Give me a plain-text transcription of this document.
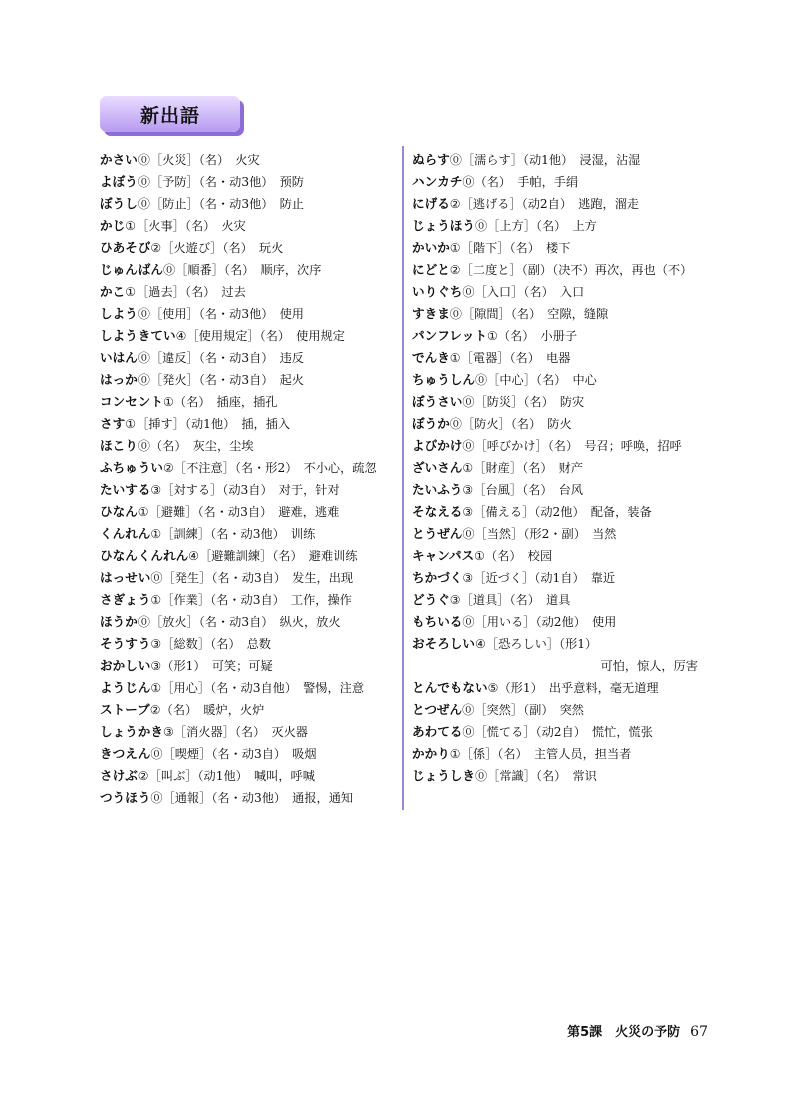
新出語
かさい⓪［火災］（名）　火灾
よぼう⓪［予防］（名・动3他）　预防
ぼうし⓪［防止］（名・动3他）　防止
かじ①［火事］（名）　火灾
ひあそび②［火遊び］（名）　玩火
じゅんばん⓪［順番］（名）　顺序，次序
かこ①［過去］（名）　过去
しよう⓪［使用］（名・动3他）　使用
しようきてい④［使用規定］（名）　使用规定
いはん⓪［違反］（名・动3自）　违反
はっか⓪［発火］（名・动3自）　起火
コンセント①（名）　插座，插孔
さす①［挿す］（动1他）　插，插入
ほこり⓪（名）　灰尘，尘埃
ふちゅうい②［不注意］（名・形2）　不小心，疏忽
たいする③［対する］（动3自）　对于，针对
ひなん①［避難］（名・动3自）　避难，逃难
くんれん①［訓練］（名・动3他）　训练
ひなんくんれん④［避難訓練］（名）　避难训练
はっせい⓪［発生］（名・动3自）　发生，出现
さぎょう①［作業］（名・动3自）　工作，操作
ほうか⓪［放火］（名・动3自）　纵火，放火
そうすう③［総数］（名）　总数
おかしい③（形1）　可笑；可疑
ようじん①［用心］（名・动3自他）　警惕，注意
ストーブ②（名）　暖炉，火炉
しょうかき③［消火器］（名）　灭火器
きつえん⓪［喫煙］（名・动3自）　吸烟
さけぶ②［叫ぶ］（动1他）　喊叫，呼喊
つうほう⓪［通報］（名・动3他）　通报，通知
ぬらす⓪［濡らす］（动1他）　浸湿，沾湿
ハンカチ⓪（名）　手帕，手绢
にげる②［逃げる］（动2自）　逃跑，溜走
じょうほう⓪［上方］（名）　上方
かいか①［階下］（名）　楼下
にどと②［二度と］（副）（决不）再次，再也（不）
いりぐち⓪［入口］（名）　入口
すきま⓪［隙間］（名）　空隙，缝隙
パンフレット①（名）　小册子
でんき①［電器］（名）　电器
ちゅうしん⓪［中心］（名）　中心
ぼうさい⓪［防災］（名）　防灾
ぼうか⓪［防火］（名）　防火
よびかけ⓪［呼びかけ］（名）　号召；呼唤，招呼
ざいさん①［財産］（名）　财产
たいふう③［台風］（名）　台风
そなえる③［備える］（动2他）　配备，装备
とうぜん⓪［当然］（形2・副）　当然
キャンパス①（名）　校园
ちかづく③［近づく］（动1自）　靠近
どうぐ③［道具］（名）　道具
もちいる⓪［用いる］（动2他）　使用
おそろしい④［恐ろしい］（形1）
可怕，惊人，厉害
とんでもない⑤（形1）　出乎意料，毫无道理
とつぜん⓪［突然］（副）　突然
あわてる⓪［慌てる］（动2自）　慌忙，慌张
かかり①［係］（名）　主管人员，担当者
じょうしき⓪［常識］（名）　常识
第5課　火災の予防 67
